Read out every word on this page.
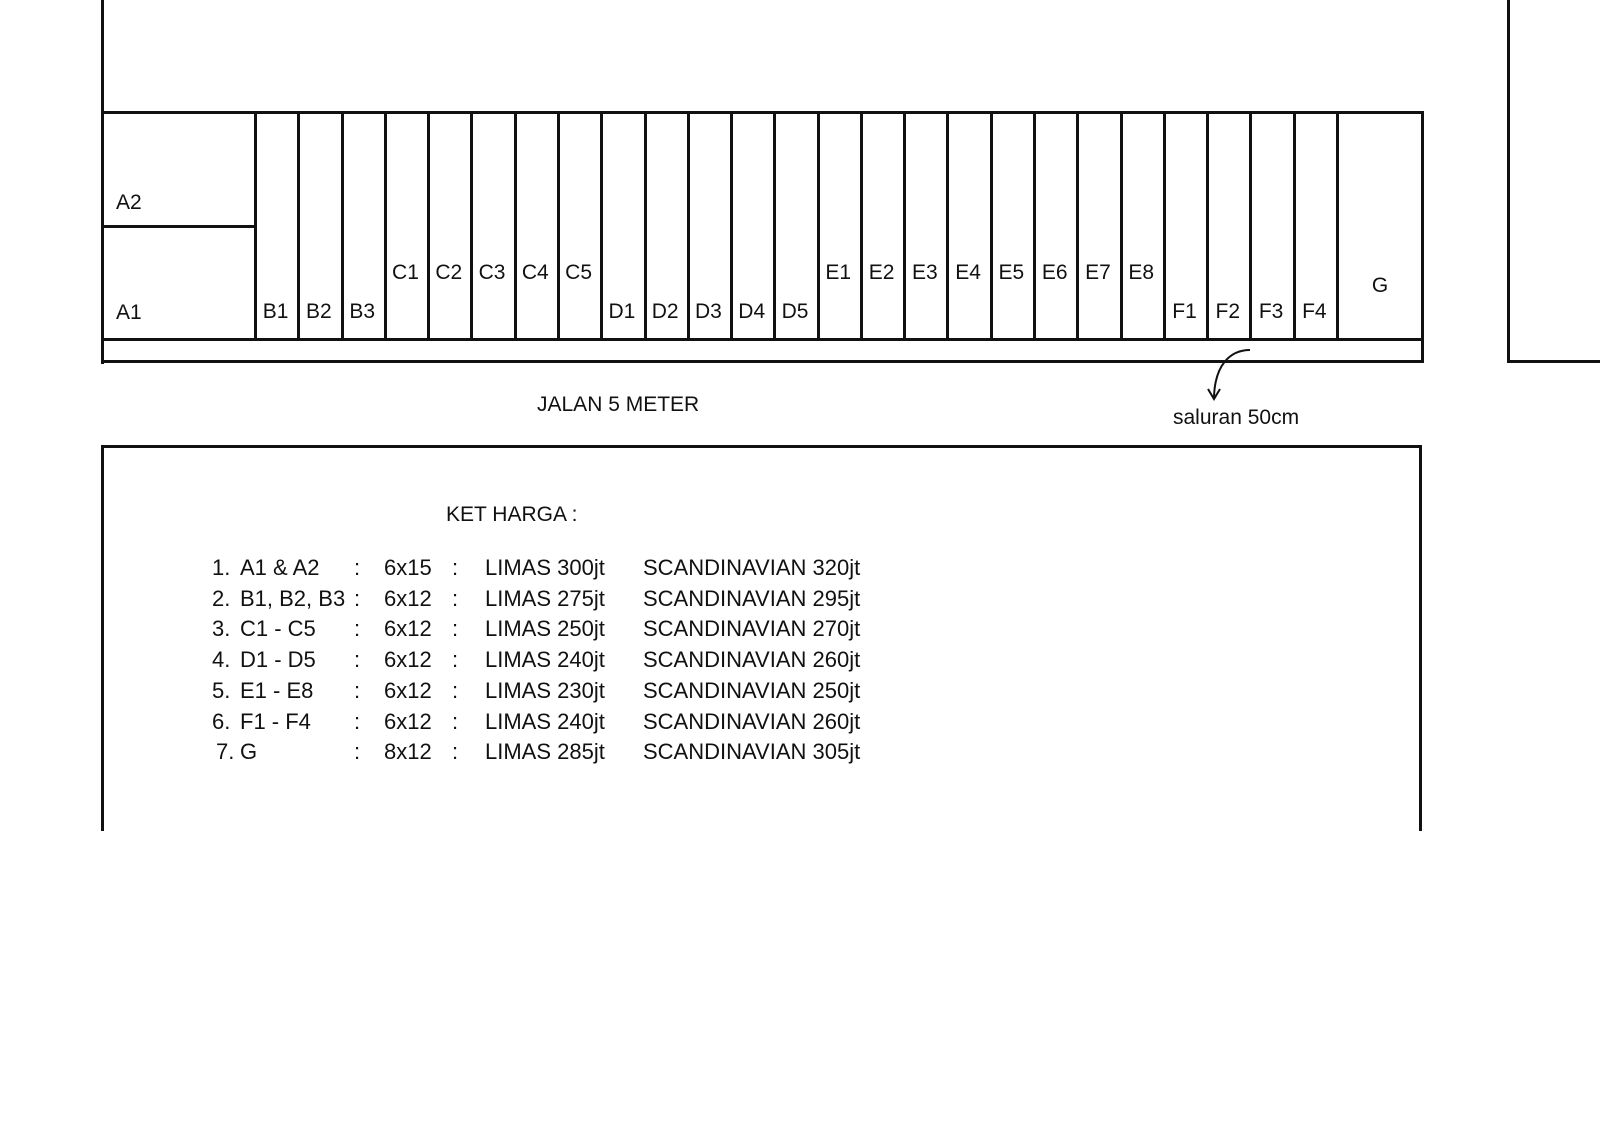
A2
A1	B1 B2 B3
C1 C2 C3 C4 C5
D1 D2 D3 D4 D5
E1 E2 E3 E4 E5 E6 E7 E8
F1 F2 F3 F4
G
JALAN 5 METER
saluran 50cm
KET HARGA :
1. A1 & A2 : 6x15 : LIMAS 300jt SCANDINAVIAN 320jt
2. B1, B2, B3 : 6x12 : LIMAS 275jt SCANDINAVIAN 295jt
3. C1 - C5 : 6x12 : LIMAS 250jt SCANDINAVIAN 270jt
4. D1 - D5 : 6x12 : LIMAS 240jt SCANDINAVIAN 260jt
5. E1 - E8 : 6x12 : LIMAS 230jt SCANDINAVIAN 250jt
6. F1 - F4 : 6x12 : LIMAS 240jt SCANDINAVIAN 260jt
7. G	: 8x12 : LIMAS 285jt SCANDINAVIAN 305jt
